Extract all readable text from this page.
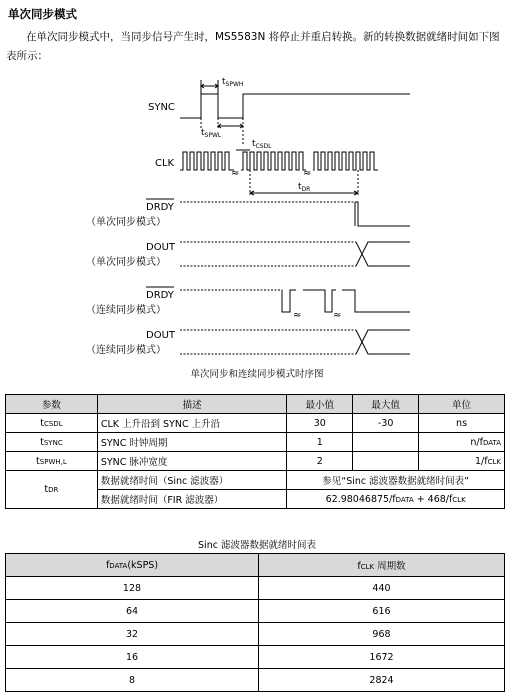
单次同步模式
在单次同步模式中，当同步信号产生时，MS5583N 将停止并重启转换。新的转换数据就绪时间如下图表所示：
≈	≈
≈	≈
SYNC
CLK
DRDY
（单次同步模式）
DOUT
（单次同步模式）
DRDY
（连续同步模式）
DOUT
（连续同步模式）
$t_{SPWH}$
$t_{SPWL}$
$t_{CSDL}$
$t_{DR}$
单次同步和连续同步模式时序图
参数	描述	最小值	最大值	单位
tCSDL	CLK 上升沿到 SYNC 上升沿	30	-30	ns
tSYNC	SYNC 时钟周期	1		n/fDATA
tSPWH,L	SYNC 脉冲宽度	2		1/fCLK
tDR	数据就绪时间（Sinc 滤波器）	参见“Sinc 滤波器数据就绪时间表”		
	数据就绪时间（FIR 滤波器）	62.98046875/fDATA + 468/fCLK		
Sinc 滤波器数据就绪时间表
fDATA(kSPS)	fCLK 周期数
128	440
64	616
32	968
16	1672
8	2824
